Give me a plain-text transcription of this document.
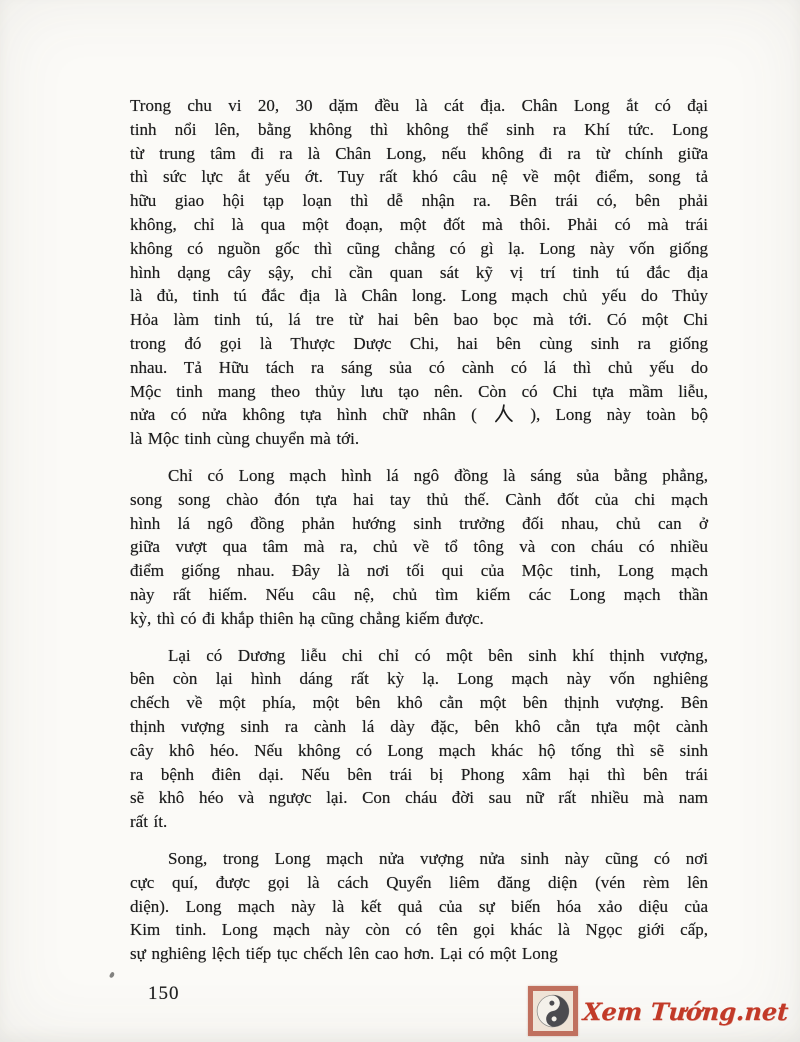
Trong chu vi 20, 30 dặm đều là cát địa. Chân Long ắt có đại
tinh nổi lên, bằng không thì không thể sinh ra Khí tức. Long
từ trung tâm đi ra là Chân Long, nếu không đi ra từ chính giữa
thì sức lực ắt yếu ớt. Tuy rất khó câu nệ về một điểm, song tả
hữu giao hội tạp loạn thì dễ nhận ra. Bên trái có, bên phải
không, chỉ là qua một đoạn, một đốt mà thôi. Phải có mà trái
không có nguồn gốc thì cũng chẳng có gì lạ. Long này vốn giống
hình dạng cây sậy, chỉ cần quan sát kỹ vị trí tinh tú đắc địa
là đủ, tinh tú đắc địa là Chân long. Long mạch chủ yếu do Thủy
Hỏa làm tinh tú, lá tre từ hai bên bao bọc mà tới. Có một Chi
trong đó gọi là Thược Dược Chi, hai bên cùng sinh ra giống
nhau. Tả Hữu tách ra sáng sủa có cành có lá thì chủ yếu do
Mộc tinh mang theo thủy lưu tạo nên. Còn có Chi tựa mầm liễu,
nửa có nửa không tựa hình chữ nhân (  ), Long này toàn bộ
là Mộc tinh cùng chuyển mà tới.
Chỉ có Long mạch hình lá ngô đồng là sáng sủa bằng phẳng,
song song chào đón tựa hai tay thủ thế. Cành đốt của chi mạch
hình lá ngô đồng phản hướng sinh trưởng đối nhau, chủ can ở
giữa vượt qua tâm mà ra, chủ về tổ tông và con cháu có nhiều
điểm giống nhau. Đây là nơi tối qui của Mộc tinh, Long mạch
này rất hiếm. Nếu câu nệ, chủ tìm kiếm các Long mạch thần
kỳ, thì có đi khắp thiên hạ cũng chẳng kiếm được.
Lại có Dương liễu chi chỉ có một bên sinh khí thịnh vượng,
bên còn lại hình dáng rất kỳ lạ. Long mạch này vốn nghiêng
chếch về một phía, một bên khô cằn một bên thịnh vượng. Bên
thịnh vượng sinh ra cành lá dày đặc, bên khô cằn tựa một cành
cây khô héo. Nếu không có Long mạch khác hộ tống thì sẽ sinh
ra bệnh điên dại. Nếu bên trái bị Phong xâm hại thì bên trái
sẽ khô héo và ngược lại. Con cháu đời sau nữ rất nhiều mà nam
rất ít.
Song, trong Long mạch nửa vượng nửa sinh này cũng có nơi
cực quí, được gọi là cách Quyển liêm đăng diện (vén rèm lên
diện). Long mạch này là kết quả của sự biến hóa xảo diệu của
Kim tinh. Long mạch này còn có tên gọi khác là Ngọc giới cấp,
sự nghiêng lệch tiếp tục chếch lên cao hơn. Lại có một Long
150
Xem Tướng.net
